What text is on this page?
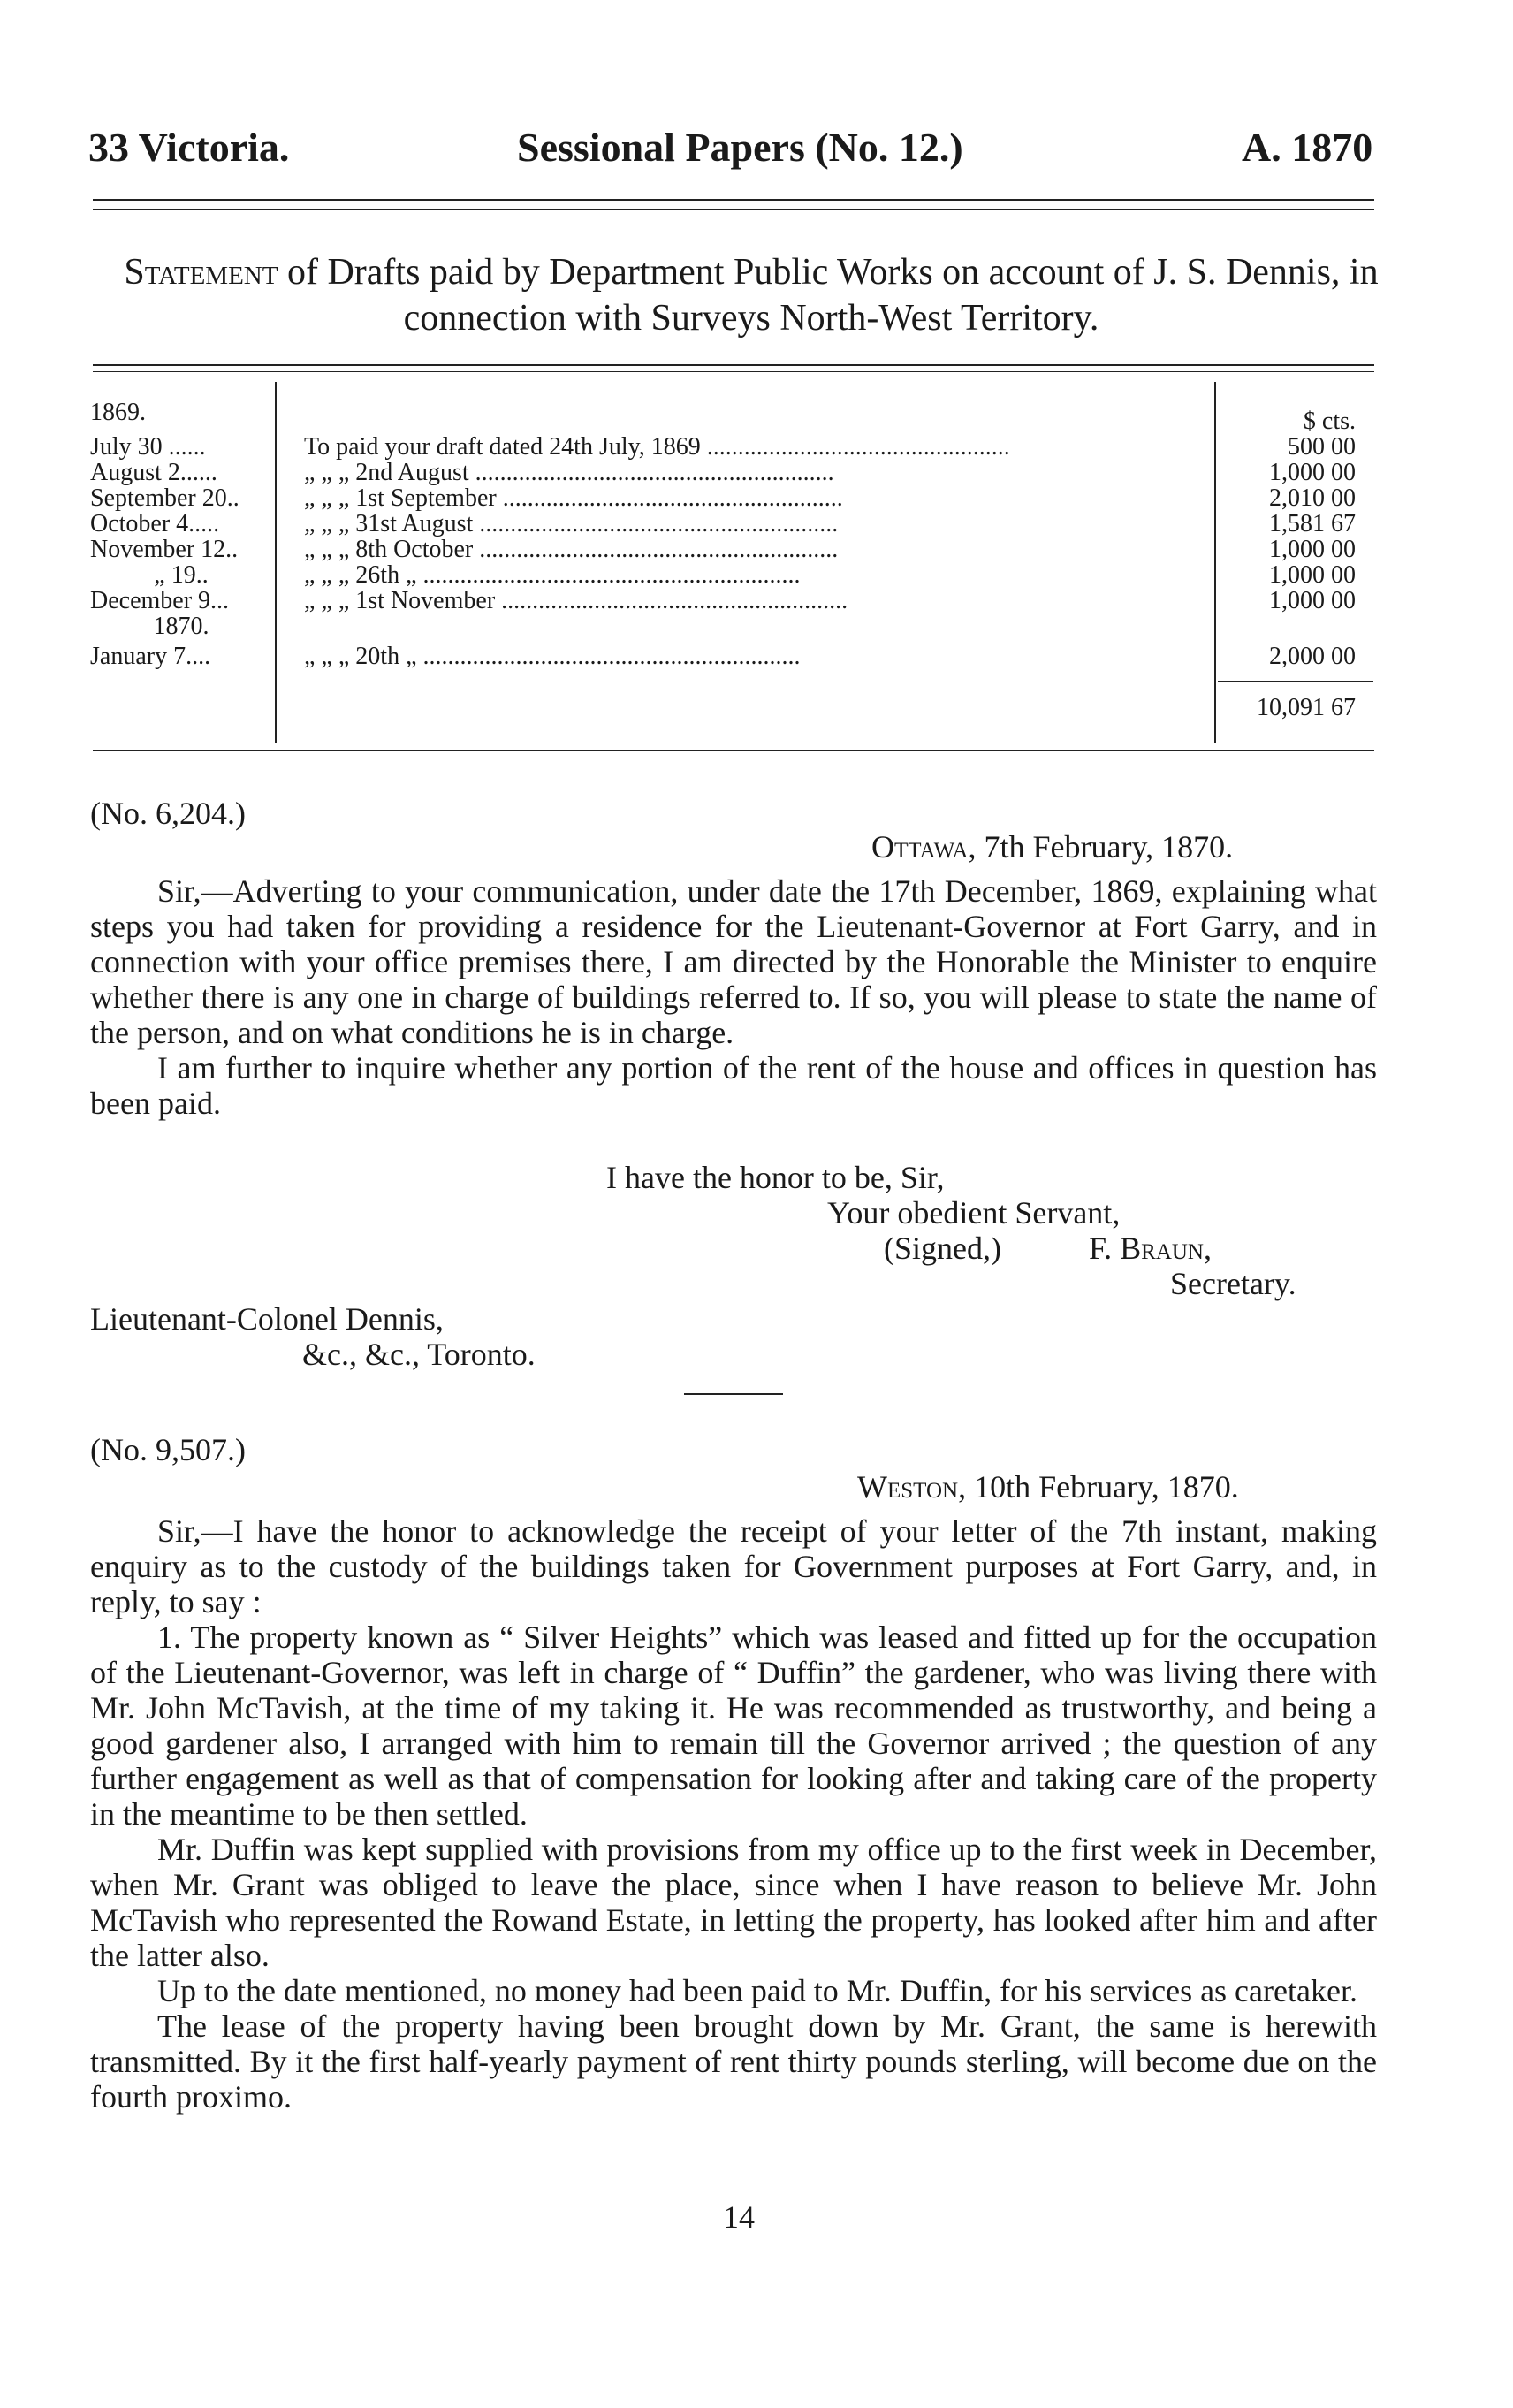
33 Victoria.	Sessional Papers (No. 12.)	A. 1870
Statement of Drafts paid by Department Public Works on account of J. S. Dennis, in connection with Surveys North-West Territory.
$ cts.
1869.
July 30 ......	To paid your draft dated 24th July, 1869 .................................................	500 00
August 2......	„ „ „ 2nd August ..........................................................	1,000 00
September 20..	„ „ „ 1st September .......................................................	2,010 00
October 4.....	„ „ „ 31st August ..........................................................	1,581 67
November 12..	„ „ „ 8th October ..........................................................	1,000 00
„ 19..	„ „ „ 26th „ .............................................................	1,000 00
December 9...	„ „ „ 1st November ........................................................	1,000 00
1870.
January 7....	„ „ „ 20th „ .............................................................	2,000 00
10,091 67
(No. 6,204.)
Ottawa, 7th February, 1870.

Sir,—Adverting to your communication, under date the 17th December, 1869, explaining what steps you had taken for providing a residence for the Lieutenant-Governor at Fort Garry, and in connection with your office premises there, I am directed by the Honorable the Minister to enquire whether there is any one in charge of buildings referred to. If so, you will please to state the name of the person, and on what conditions he is in charge.

I am further to inquire whether any portion of the rent of the house and offices in question has been paid.

I have the honor to be, Sir,
Your obedient Servant,
(Signed,)	F. Braun,
Secretary.
Lieutenant-Colonel Dennis,
&c., &c., Toronto.
(No. 9,507.)
Weston, 10th February, 1870.

Sir,—I have the honor to acknowledge the receipt of your letter of the 7th instant, making enquiry as to the custody of the buildings taken for Government purposes at Fort Garry, and, in reply, to say :

1. The property known as “ Silver Heights” which was leased and fitted up for the occupation of the Lieutenant-Governor, was left in charge of “ Duffin” the gardener, who was living there with Mr. John McTavish, at the time of my taking it. He was recommended as trustworthy, and being a good gardener also, I arranged with him to remain till the Governor arrived ; the question of any further engagement as well as that of compensation for looking after and taking care of the property in the meantime to be then settled.

Mr. Duffin was kept supplied with provisions from my office up to the first week in December, when Mr. Grant was obliged to leave the place, since when I have reason to believe Mr. John McTavish who represented the Rowand Estate, in letting the property, has looked after him and after the latter also.

Up to the date mentioned, no money had been paid to Mr. Duffin, for his services as caretaker.

The lease of the property having been brought down by Mr. Grant, the same is herewith transmitted. By it the first half-yearly payment of rent thirty pounds sterling, will become due on the fourth proximo.

14
